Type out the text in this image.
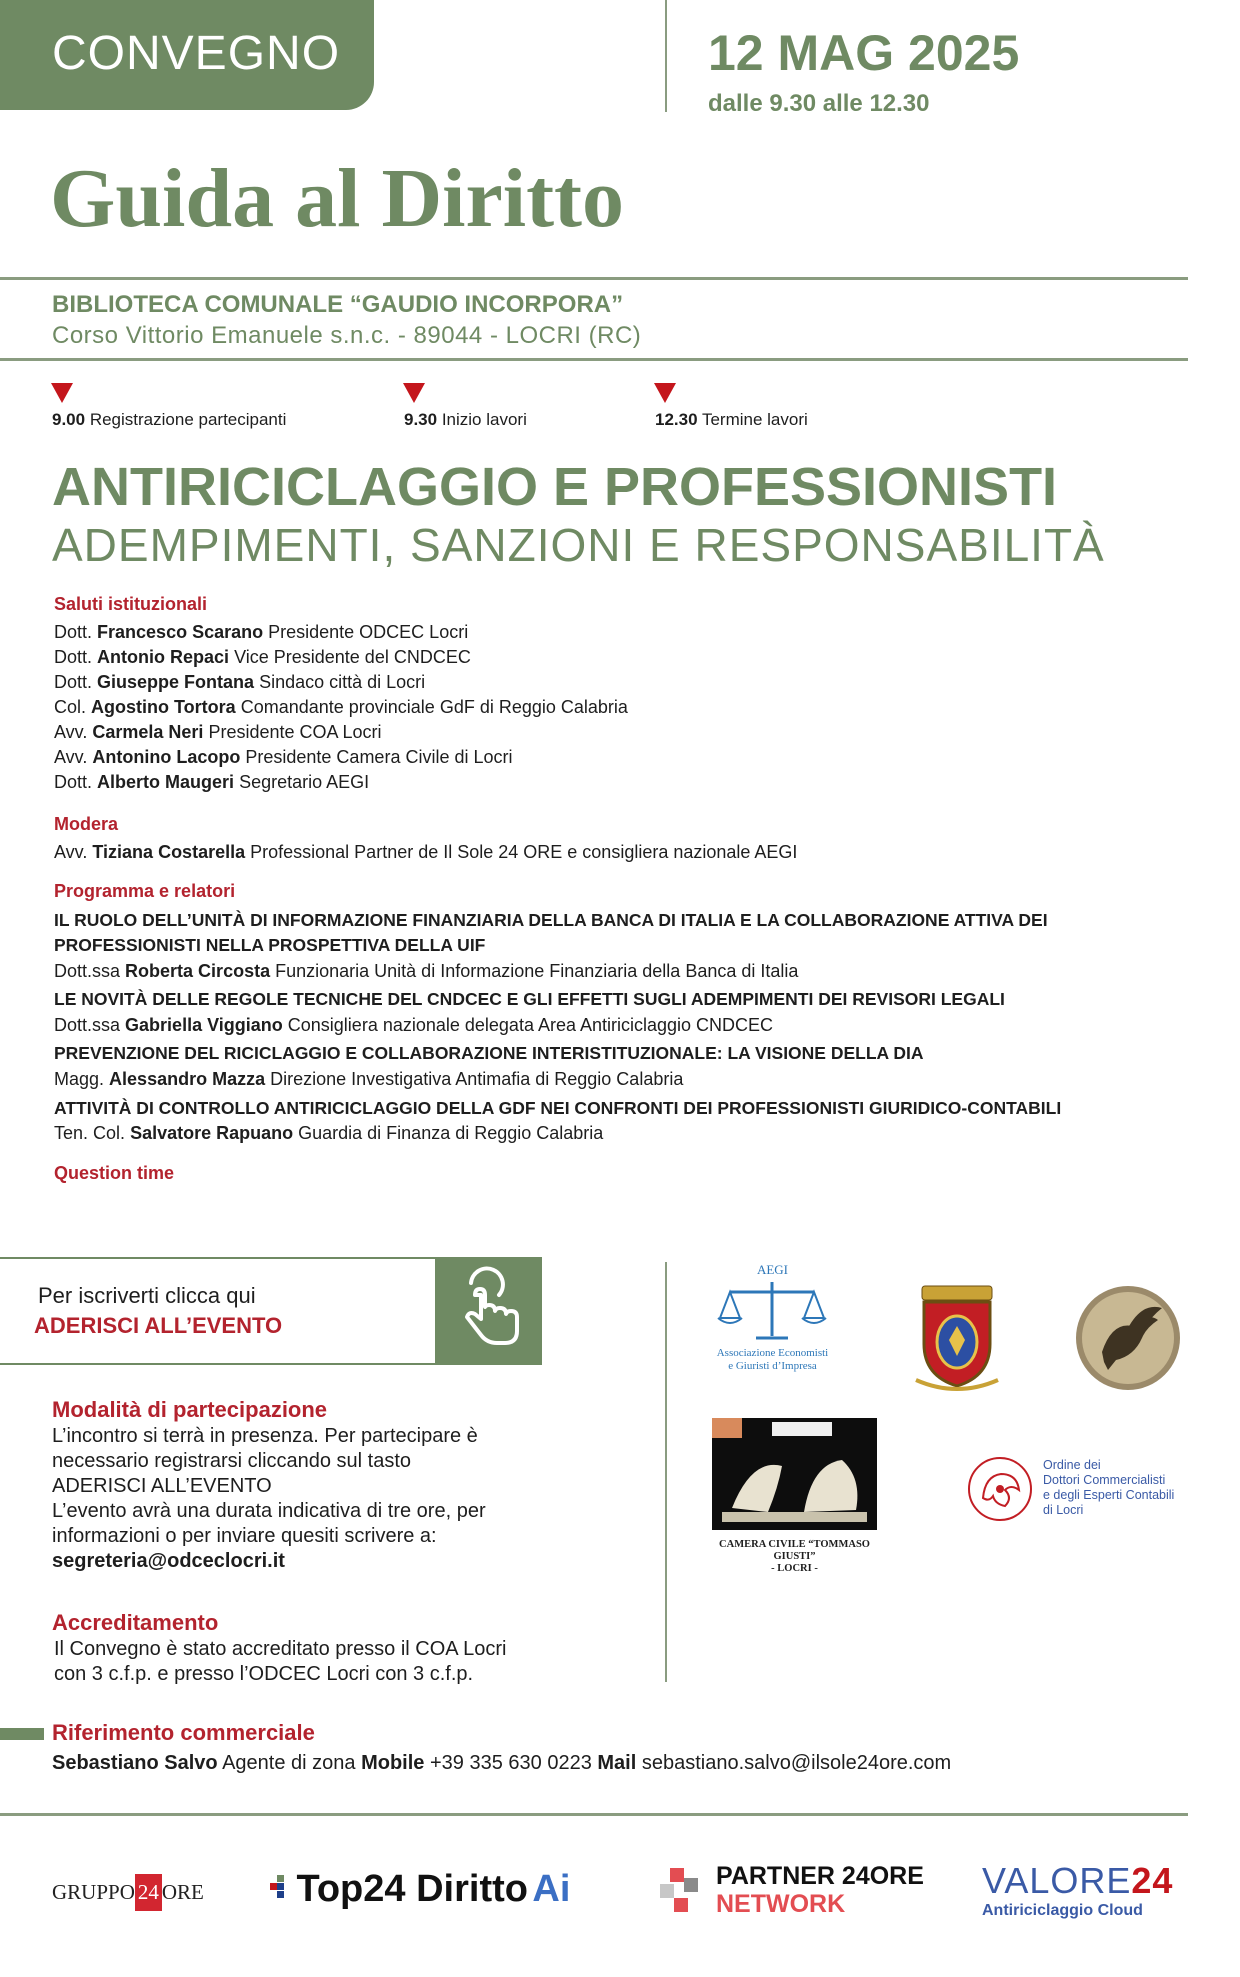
CONVEGNO	12 MAG 2025
dalle 9.30 alle 12.30
Guida al Diritto
BIBLIOTECA COMUNALE “GAUDIO INCORPORA”
Corso Vittorio Emanuele s.n.c. - 89044 - LOCRI (RC)
9.00 Registrazione partecipanti	9.30 Inizio lavori	12.30 Termine lavori
ANTIRICICLAGGIO E PROFESSIONISTI
ADEMPIMENTI, SANZIONI E RESPONSABILITÀ
Saluti istituzionali
Dott. Francesco Scarano Presidente ODCEC Locri
Dott. Antonio Repaci Vice Presidente del CNDCEC
Dott. Giuseppe Fontana Sindaco città di Locri
Col. Agostino Tortora Comandante provinciale GdF di Reggio Calabria
Avv. Carmela Neri Presidente COA Locri
Avv. Antonino Lacopo Presidente Camera Civile di Locri
Dott. Alberto Maugeri Segretario AEGI
Modera
Avv. Tiziana Costarella Professional Partner de Il Sole 24 ORE e consigliera nazionale AEGI
Programma e relatori
IL RUOLO DELL’UNITÀ DI INFORMAZIONE FINANZIARIA DELLA BANCA DI ITALIA E LA COLLABORAZIONE ATTIVA DEI
PROFESSIONISTI NELLA PROSPETTIVA DELLA UIF
Dott.ssa Roberta Circosta Funzionaria Unità di Informazione Finanziaria della Banca di Italia
LE NOVITÀ DELLE REGOLE TECNICHE DEL CNDCEC E GLI EFFETTI SUGLI ADEMPIMENTI DEI REVISORI LEGALI
Dott.ssa Gabriella Viggiano Consigliera nazionale delegata Area Antiriciclaggio CNDCEC
PREVENZIONE DEL RICICLAGGIO E COLLABORAZIONE INTERISTITUZIONALE: LA VISIONE DELLA DIA
Magg. Alessandro Mazza Direzione Investigativa Antimafia di Reggio Calabria
ATTIVITÀ DI CONTROLLO ANTIRICICLAGGIO DELLA GDF NEI CONFRONTI DEI PROFESSIONISTI GIURIDICO-CONTABILI
Ten. Col. Salvatore Rapuano Guardia di Finanza di Reggio Calabria
Question time
Per iscriverti clicca qui
ADERISCI ALL’EVENTO
Modalità di partecipazione
L’incontro si terrà in presenza. Per partecipare è
necessario registrarsi cliccando sul tasto
ADERISCI ALL’EVENTO
L’evento avrà una durata indicativa di tre ore, per
informazioni o per inviare quesiti scrivere a:
segreteria@odceclocri.it
Accreditamento
Il Convegno è stato accreditato presso il COA Locri
con 3 c.f.p. e presso l’ODCEC Locri con 3 c.f.p.
Riferimento commerciale
Sebastiano Salvo Agente di zona Mobile +39 335 630 0223 Mail sebastiano.salvo@ilsole24ore.com
AEGI
Associazione Economisti
e Giuristi d’Impresa
CAMERA CIVILE “TOMMASO GIUSTI”
- LOCRI -
Ordine dei
Dottori Commercialisti
e degli Esperti Contabili
di Locri
GRUPPO 24 ORE	Top24 Diritto Ai	PARTNER 24ORE
NETWORK
VALORE24
Antiriciclaggio Cloud
